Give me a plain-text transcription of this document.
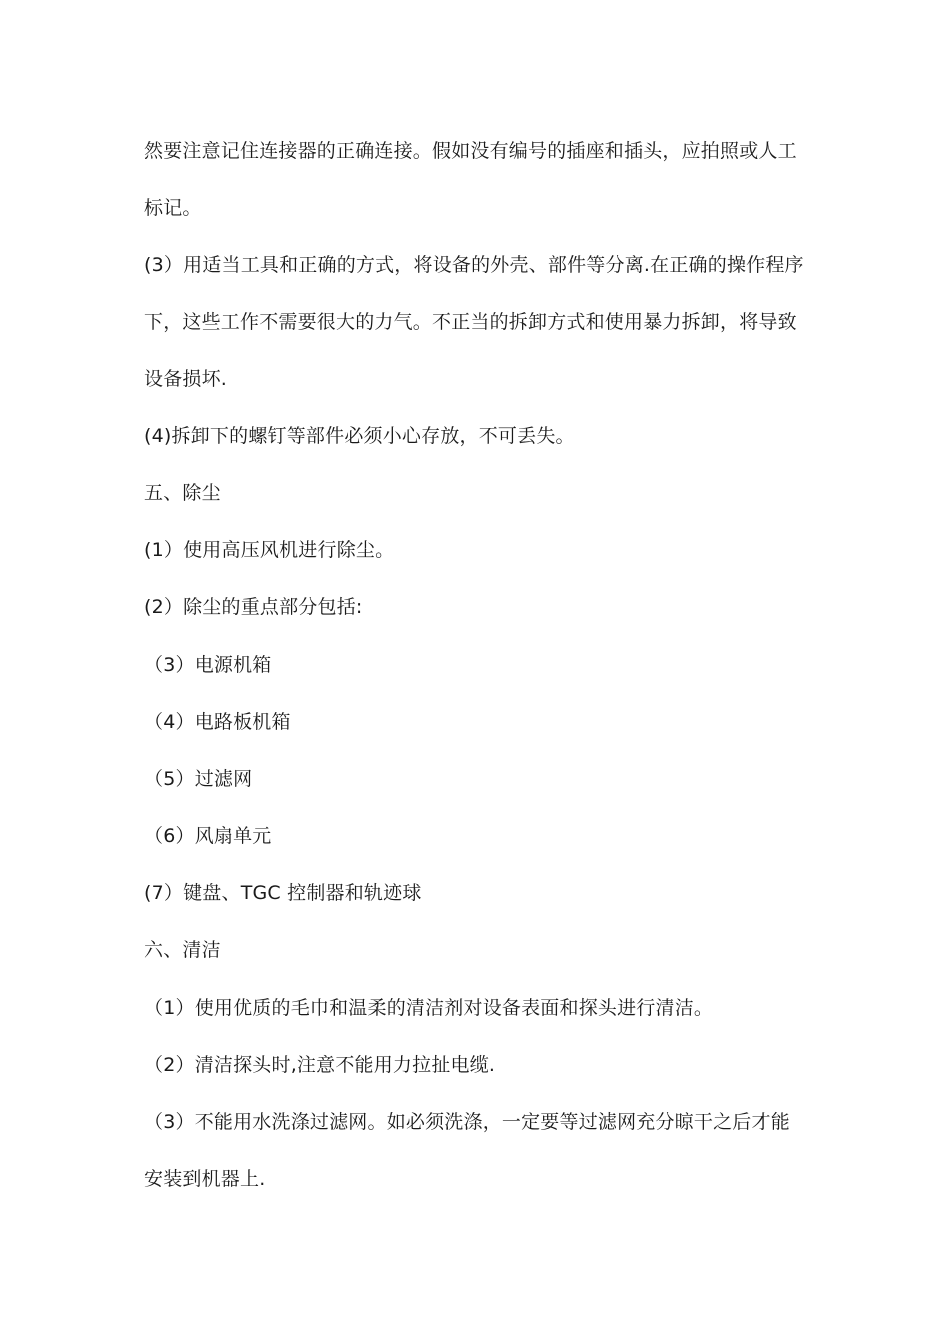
然要注意记住连接器的正确连接。假如没有编号的插座和插头，应拍照或人工
标记。
(3）用适当工具和正确的方式，将设备的外壳、部件等分离.在正确的操作程序
下，这些工作不需要很大的力气。不正当的拆卸方式和使用暴力拆卸，将导致
设备损坏.
(4)拆卸下的螺钉等部件必须小心存放，不可丢失。
五、除尘
(1）使用高压风机进行除尘。
(2）除尘的重点部分包括:
（3）电源机箱
（4）电路板机箱
（5）过滤网
（6）风扇单元
(7）键盘、TGC 控制器和轨迹球
六、清洁
（1）使用优质的毛巾和温柔的清洁剂对设备表面和探头进行清洁。
（2）清洁探头时,注意不能用力拉扯电缆.
（3）不能用水洗涤过滤网。如必须洗涤，一定要等过滤网充分晾干之后才能
安装到机器上.
